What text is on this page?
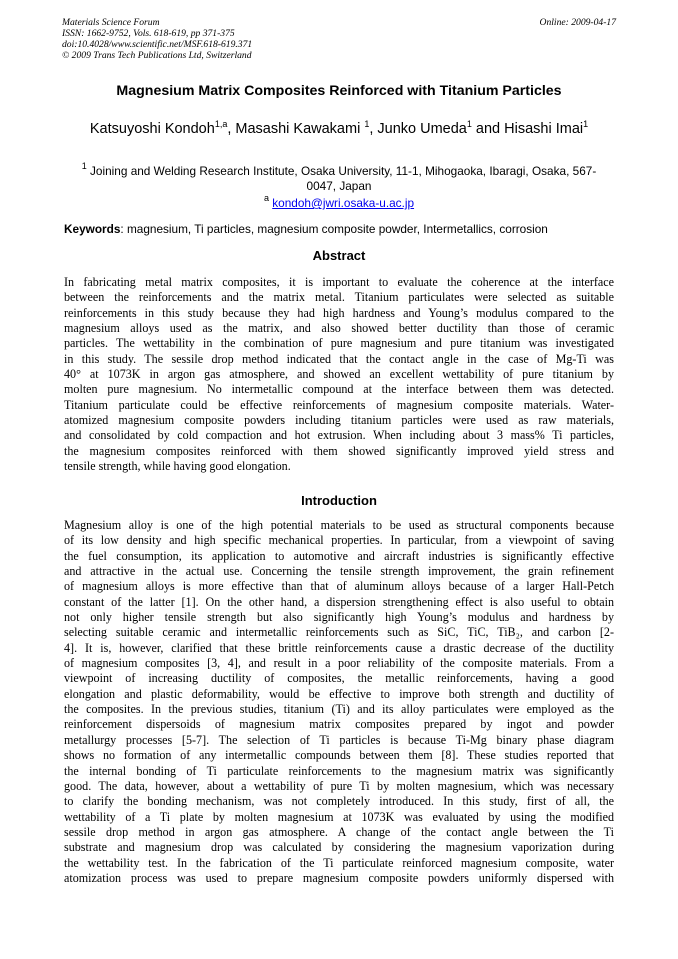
Materials Science Forum
ISSN: 1662-9752, Vols. 618-619, pp 371-375
doi:10.4028/www.scientific.net/MSF.618-619.371
© 2009 Trans Tech Publications Ltd, Switzerland
Online: 2009-04-17
Magnesium Matrix Composites Reinforced with Titanium Particles
Katsuyoshi Kondoh$^{1,a}$, Masashi Kawakami $^1$, Junko Umeda$^1$ and Hisashi Imai$^1$
$^1$ Joining and Welding Research Institute, Osaka University, 11-1, Mihogaoka, Ibaragi, Osaka, 567-
0047, Japan
$^a$ kondoh@jwri.osaka-u.ac.jp
Keywords: magnesium, Ti particles, magnesium composite powder, Intermetallics, corrosion
Abstract
In fabricating metal matrix composites, it is important to evaluate the coherence at the interface
between the reinforcements and the matrix metal. Titanium particulates were selected as suitable
reinforcements in this study because they had high hardness and Young’s modulus compared to the
magnesium alloys used as the matrix, and also showed better ductility than those of ceramic
particles. The wettability in the combination of pure magnesium and pure titanium was investigated
in this study. The sessile drop method indicated that the contact angle in the case of Mg-Ti was
40° at 1073K in argon gas atmosphere, and showed an excellent wettability of pure titanium by
molten pure magnesium. No intermetallic compound at the interface between them was detected.
Titanium particulate could be effective reinforcements of magnesium composite materials. Water-
atomized magnesium composite powders including titanium particles were used as raw materials,
and consolidated by cold compaction and hot extrusion. When including about 3 mass% Ti particles,
the magnesium composites reinforced with them showed significantly improved yield stress and
tensile strength, while having good elongation.
Introduction
Magnesium alloy is one of the high potential materials to be used as structural components because
of its low density and high specific mechanical properties. In particular, from a viewpoint of saving
the fuel consumption, its application to automotive and aircraft industries is significantly effective
and attractive in the actual use. Concerning the tensile strength improvement, the grain refinement
of magnesium alloys is more effective than that of aluminum alloys because of a larger Hall-Petch
constant of the latter [1]. On the other hand, a dispersion strengthening effect is also useful to obtain
not only higher tensile strength but also significantly high Young’s modulus and hardness by
selecting suitable ceramic and intermetallic reinforcements such as SiC, TiC, TiB₂, and carbon [2-
4]. It is, however, clarified that these brittle reinforcements cause a drastic decrease of the ductility
of magnesium composites [3, 4], and result in a poor reliability of the composite materials. From a
viewpoint of increasing ductility of composites, the metallic reinforcements, having a good
elongation and plastic deformability, would be effective to improve both strength and ductility of
the composites. In the previous studies, titanium (Ti) and its alloy particulates were employed as the
reinforcement dispersoids of magnesium matrix composites prepared by ingot and powder
metallurgy processes [5-7]. The selection of Ti particles is because Ti-Mg binary phase diagram
shows no formation of any intermetallic compounds between them [8]. These studies reported that
the internal bonding of Ti particulate reinforcements to the magnesium matrix was significantly
good. The data, however, about a wettability of pure Ti by molten magnesium, which was necessary
to clarify the bonding mechanism, was not completely introduced. In this study, first of all, the
wettability of a Ti plate by molten magnesium at 1073K was evaluated by using the modified
sessile drop method in argon gas atmosphere. A change of the contact angle between the Ti
substrate and magnesium drop was calculated by considering the magnesium vaporization during
the wettability test. In the fabrication of the Ti particulate reinforced magnesium composite, water
atomization process was used to prepare magnesium composite powders uniformly dispersed with
